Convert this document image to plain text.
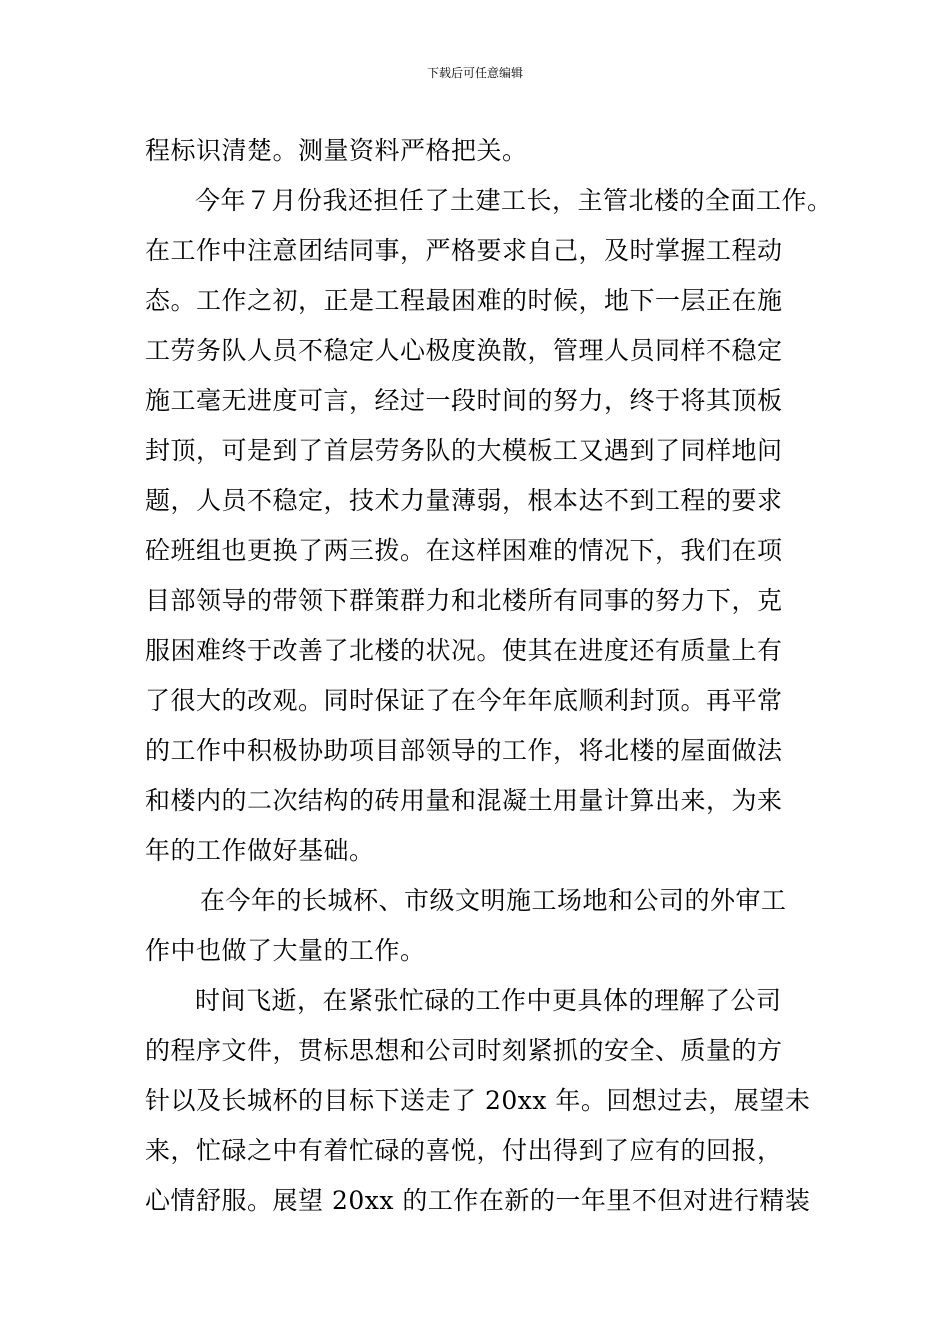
下载后可任意编辑
程标识清楚。测量资料严格把关。
今年７月份我还担任了土建工长，主管北楼的全面工作。
在工作中注意团结同事，严格要求自己，及时掌握工程动
态。工作之初，正是工程最困难的时候，地下一层正在施
工劳务队人员不稳定人心极度涣散，管理人员同样不稳定
施工毫无进度可言，经过一段时间的努力，终于将其顶板
封顶，可是到了首层劳务队的大模板工又遇到了同样地问
题，人员不稳定，技术力量薄弱，根本达不到工程的要求
砼班组也更换了两三拨。在这样困难的情况下，我们在项
目部领导的带领下群策群力和北楼所有同事的努力下，克
服困难终于改善了北楼的状况。使其在进度还有质量上有
了很大的改观。同时保证了在今年年底顺利封顶。再平常
的工作中积极协助项目部领导的工作，将北楼的屋面做法
和楼内的二次结构的砖用量和混凝土用量计算出来，为来
年的工作做好基础。
在今年的长城杯、市级文明施工场地和公司的外审工
作中也做了大量的工作。
时间飞逝，在紧张忙碌的工作中更具体的理解了公司
的程序文件，贯标思想和公司时刻紧抓的安全、质量的方
针以及长城杯的目标下送走了 20xx 年。回想过去，展望未
来，忙碌之中有着忙碌的喜悦，付出得到了应有的回报，
心情舒服。展望 20xx 的工作在新的一年里不但对进行精装
